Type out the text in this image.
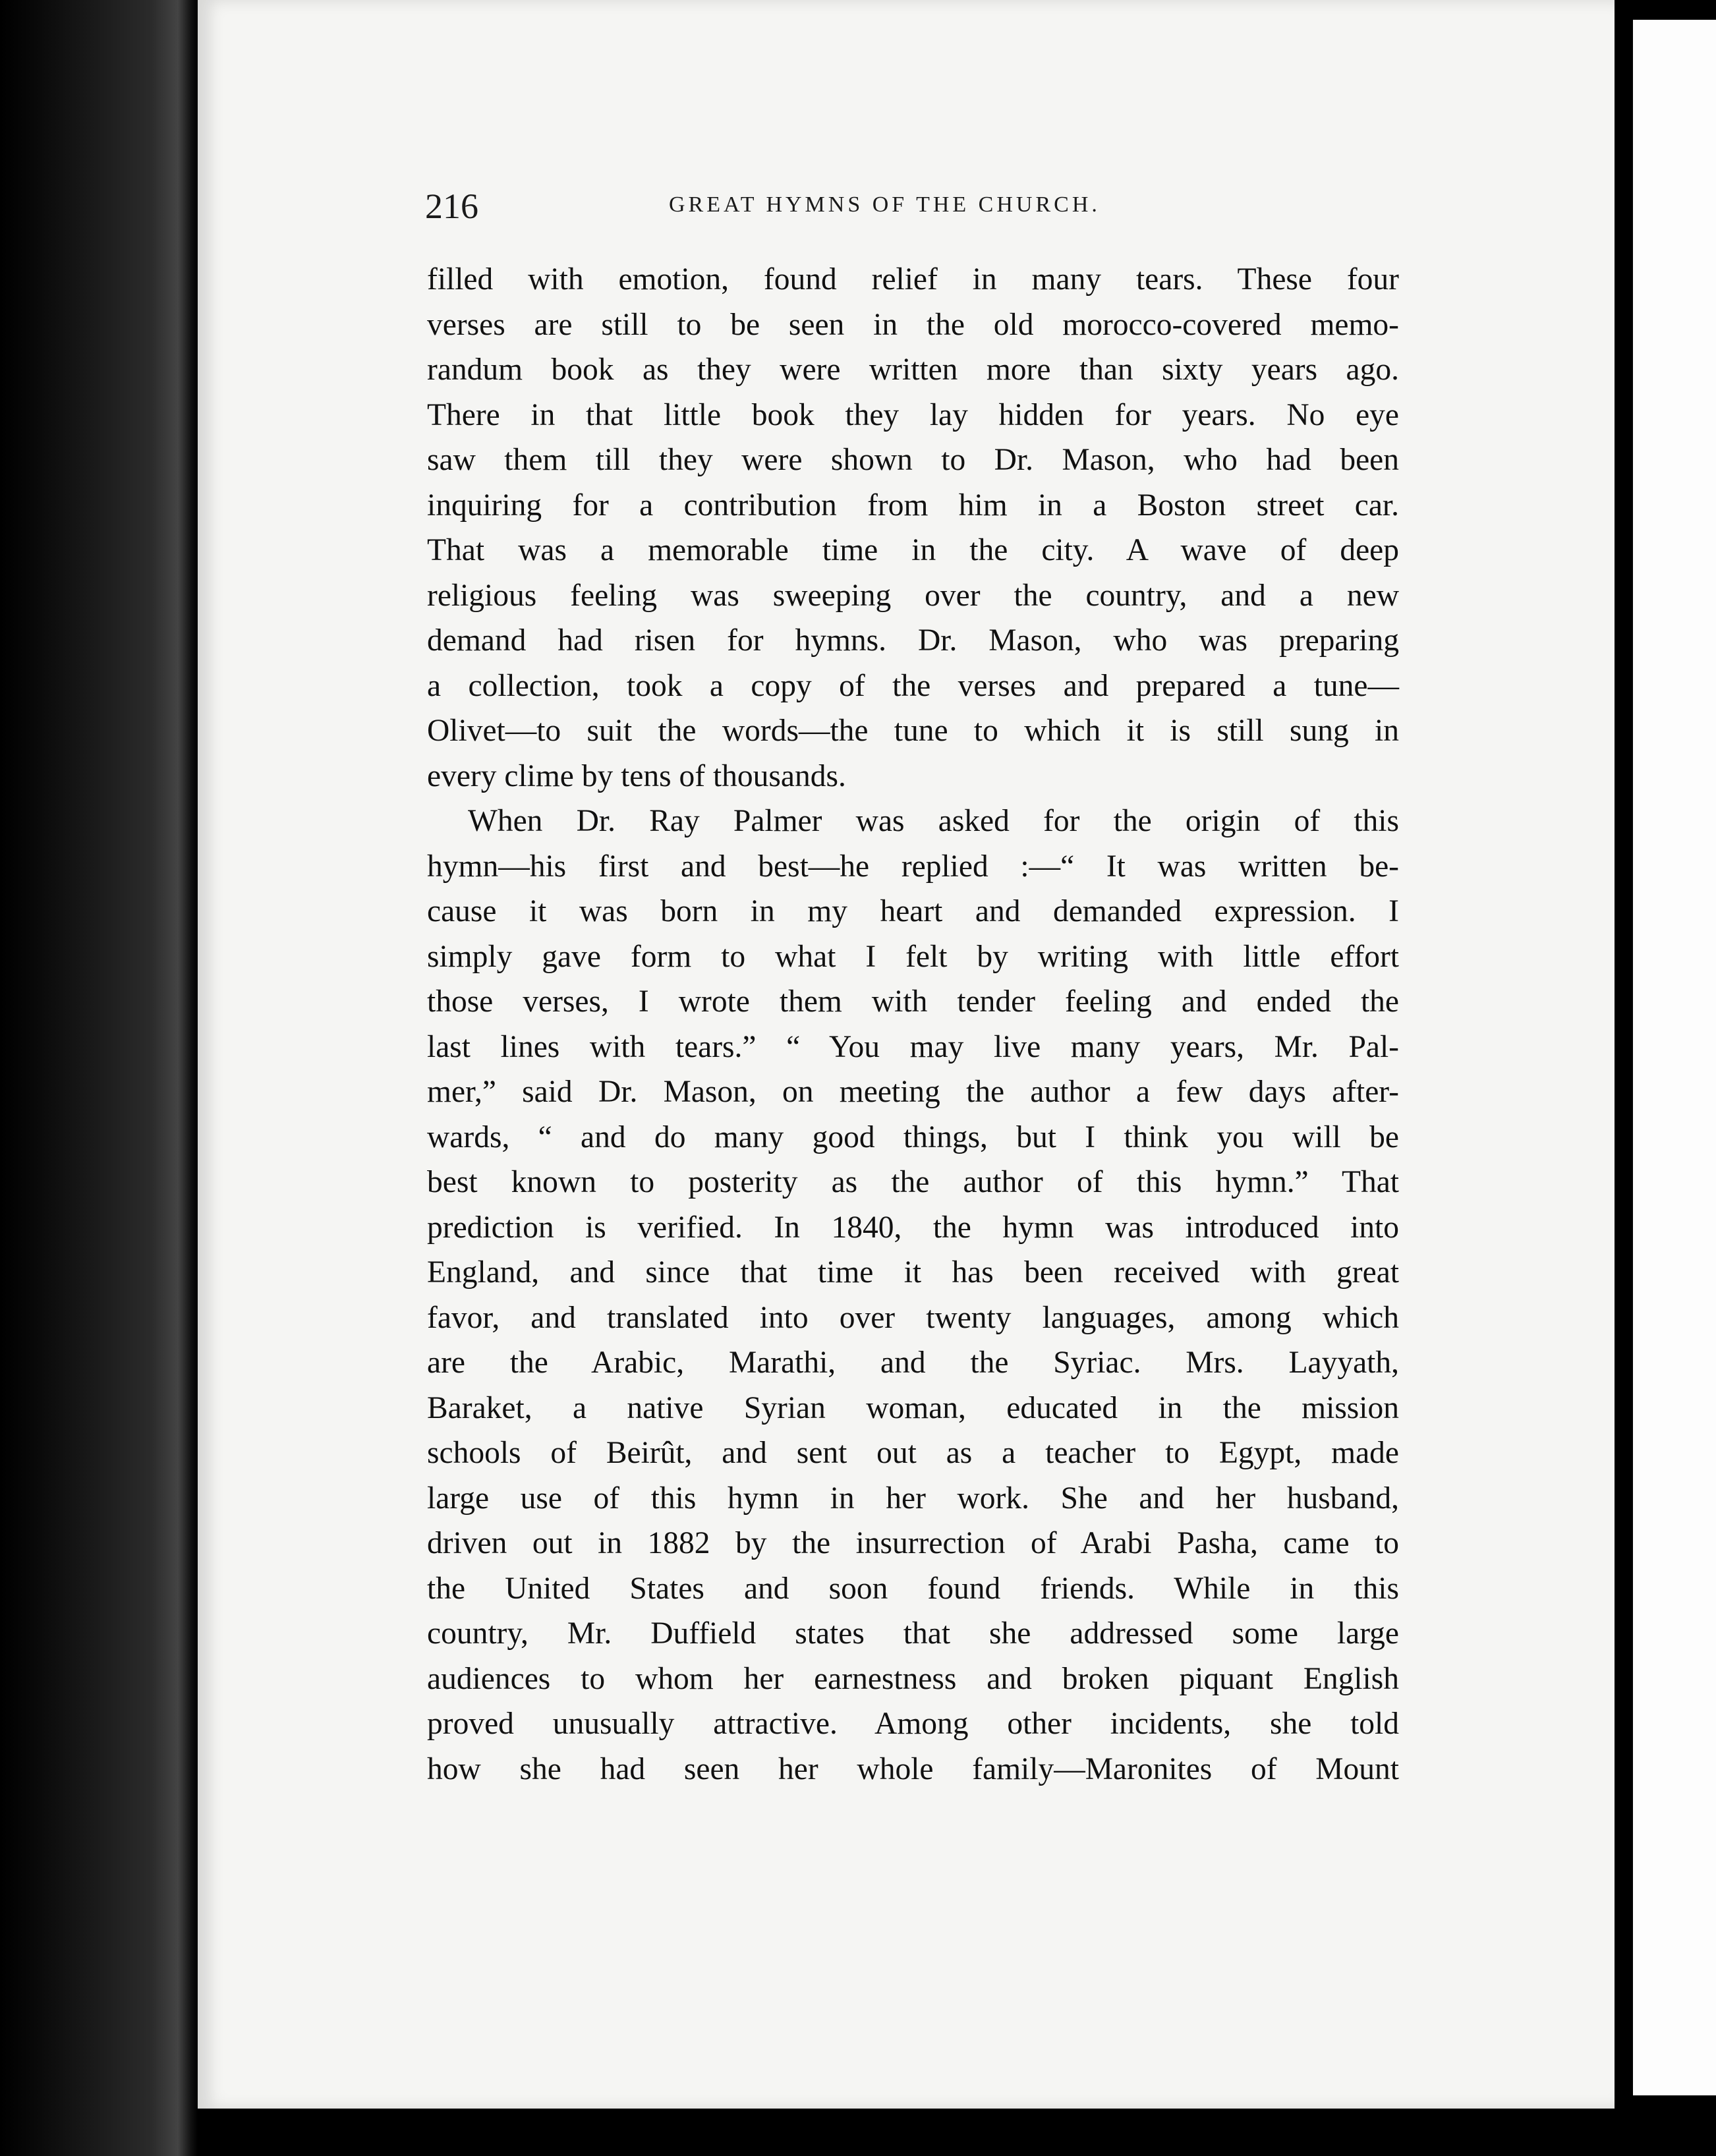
216	GREAT HYMNS OF THE CHURCH.
filled with emotion, found relief in many tears. These four
verses are still to be seen in the old morocco-covered memo-
randum book as they were written more than sixty years ago.
There in that little book they lay hidden for years. No eye
saw them till they were shown to Dr. Mason, who had been
inquiring for a contribution from him in a Boston street car.
That was a memorable time in the city. A wave of deep
religious feeling was sweeping over the country, and a new
demand had risen for hymns. Dr. Mason, who was preparing
a collection, took a copy of the verses and prepared a tune—
Olivet—to suit the words—the tune to which it is still sung in
every clime by tens of thousands.
When Dr. Ray Palmer was asked for the origin of this
hymn—his first and best—he replied :—“ It was written be-
cause it was born in my heart and demanded expression. I
simply gave form to what I felt by writing with little effort
those verses, I wrote them with tender feeling and ended the
last lines with tears.” “ You may live many years, Mr. Pal-
mer,” said Dr. Mason, on meeting the author a few days after-
wards, “ and do many good things, but I think you will be
best known to posterity as the author of this hymn.” That
prediction is verified. In 1840, the hymn was introduced into
England, and since that time it has been received with great
favor, and translated into over twenty languages, among which
are the Arabic, Marathi, and the Syriac. Mrs. Layyath,
Baraket, a native Syrian woman, educated in the mission
schools of Beirût, and sent out as a teacher to Egypt, made
large use of this hymn in her work. She and her husband,
driven out in 1882 by the insurrection of Arabi Pasha, came to
the United States and soon found friends. While in this
country, Mr. Duffield states that she addressed some large
audiences to whom her earnestness and broken piquant English
proved unusually attractive. Among other incidents, she told
how she had seen her whole family—Maronites of Mount
